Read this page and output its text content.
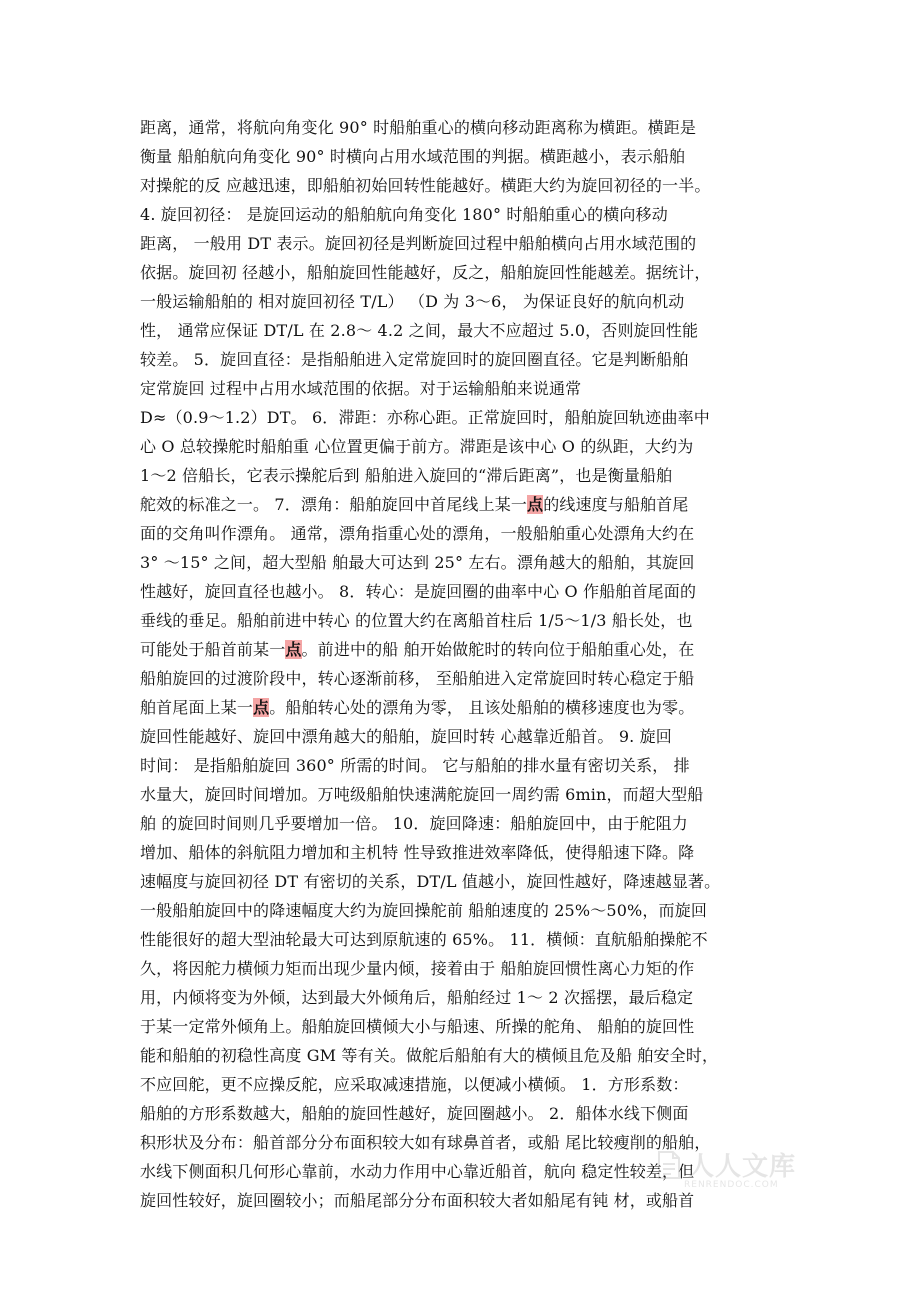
距离，通常，将航向角变化 90° 时船舶重心的横向移动距离称为横距。横距是
衡量 船舶航向角变化 90° 时横向占用水域范围的判据。横距越小，表示船舶
对操舵的反 应越迅速，即船舶初始回转性能越好。横距大约为旋回初径的一半。
4. 旋回初径： 是旋回运动的船舶航向角变化 180° 时船舶重心的横向移动
距离， 一般用 DT 表示。旋回初径是判断旋回过程中船舶横向占用水域范围的
依据。旋回初 径越小，船舶旋回性能越好，反之，船舶旋回性能越差。据统计，
一般运输船舶的 相对旋回初径 T/L） （D 为 3～6， 为保证良好的航向机动
性， 通常应保证 DT/L 在 2.8～ 4.2 之间，最大不应超过 5.0，否则旋回性能
较差。 5．旋回直径：是指船舶进入定常旋回时的旋回圈直径。它是判断船舶
定常旋回 过程中占用水域范围的依据。对于运输船舶来说通常
D≈（0.9～1.2）DT。 6．滞距：亦称心距。正常旋回时，船舶旋回轨迹曲率中
心 O 总较操舵时船舶重 心位置更偏于前方。滞距是该中心 O 的纵距，大约为
1～2 倍船长，它表示操舵后到 船舶进入旋回的“滞后距离”，也是衡量船舶
舵效的标准之一。 7．漂角：船舶旋回中首尾线上某一点的线速度与船舶首尾
面的交角叫作漂角。 通常，漂角指重心处的漂角，一般船舶重心处漂角大约在
3° ～15° 之间，超大型船 舶最大可达到 25° 左右。漂角越大的船舶，其旋回
性越好，旋回直径也越小。 8．转心：是旋回圈的曲率中心 O 作船舶首尾面的
垂线的垂足。船舶前进中转心 的位置大约在离船首柱后 1/5～1/3 船长处，也
可能处于船首前某一点。前进中的船 舶开始做舵时的转向位于船舶重心处，在
船舶旋回的过渡阶段中，转心逐渐前移， 至船舶进入定常旋回时转心稳定于船
舶首尾面上某一点。船舶转心处的漂角为零， 且该处船舶的横移速度也为零。
旋回性能越好、旋回中漂角越大的船舶，旋回时转 心越靠近船首。 9. 旋回
时间： 是指船舶旋回 360° 所需的时间。 它与船舶的排水量有密切关系， 排
水量大，旋回时间增加。万吨级船舶快速满舵旋回一周约需 6min，而超大型船
舶 的旋回时间则几乎要增加一倍。 10．旋回降速：船舶旋回中，由于舵阻力
增加、船体的斜航阻力增加和主机特 性导致推进效率降低，使得船速下降。降
速幅度与旋回初径 DT 有密切的关系，DT/L 值越小，旋回性越好，降速越显著。
一般船舶旋回中的降速幅度大约为旋回操舵前 船舶速度的 25%～50%，而旋回
性能很好的超大型油轮最大可达到原航速的 65%。 11．横倾：直航船舶操舵不
久，将因舵力横倾力矩而出现少量内倾，接着由于 船舶旋回惯性离心力矩的作
用，内倾将变为外倾，达到最大外倾角后，船舶经过 1～ 2 次摇摆，最后稳定
于某一定常外倾角上。船舶旋回横倾大小与船速、所操的舵角、 船舶的旋回性
能和船舶的初稳性高度 GM 等有关。做舵后船舶有大的横倾且危及船 舶安全时，
不应回舵，更不应操反舵，应采取减速措施，以便减小横倾。 1．方形系数：
船舶的方形系数越大，船舶的旋回性越好，旋回圈越小。 2．船体水线下侧面
积形状及分布：船首部分分布面积较大如有球鼻首者，或船 尾比较瘦削的船舶，
水线下侧面积几何形心靠前，水动力作用中心靠近船首，航向 稳定性较差，但
旋回性较好，旋回圈较小；而船尾部分分布面积较大者如船尾有钝 材，或船首
人人文库
RENRENDOC.COM
